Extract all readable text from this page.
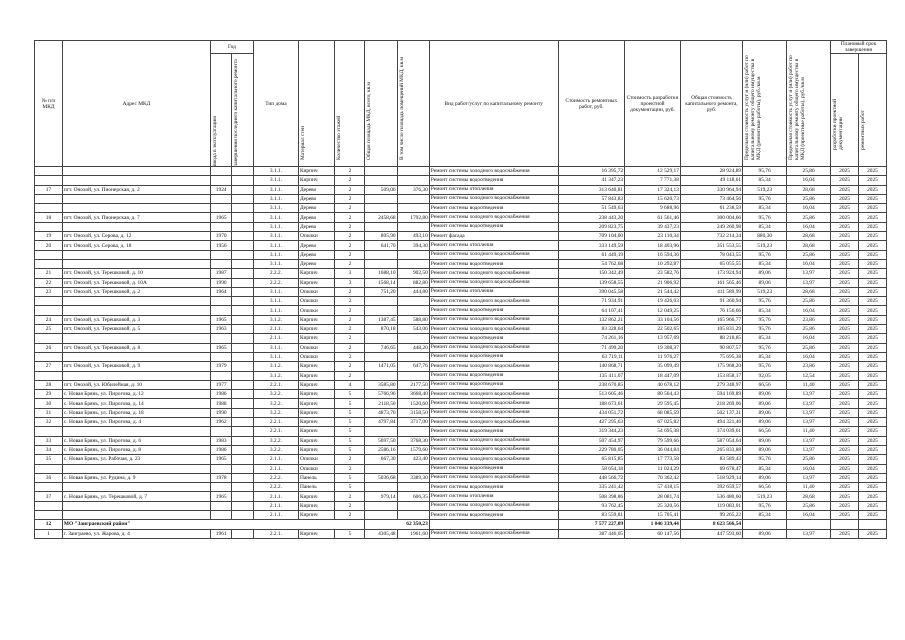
№ п/п МКД	Адрес МКД	Год		Тип дома	Материал стен	Количество этажей	Общая площадь МКД, всего, кв.м	В том числе площадь помещений МКД, кв.м	Вид работ/услуг по капитальному ремонту	Стоимость ремонтных работ, руб.	Стоимость разработки проектной документации, руб.	Общая стоимость капитального ремонта, руб.	Предельная стоимость услуг и (или) работ по капитальному ремонту общего имущества в МКД (ремонтные работы), руб./кв.м	Предельная стоимость услуг и (или) работ по капитальному ремонту общего имущества в МКД (проектные работы), руб./кв.м	Плановый срок завершения	

		ввода в эксплуатацию	завершения последнего капитального ремонта												разработки проектной документации	ремонтных работ

				3.1.1.	Кирпич	2			Ремонт системы холодного водоснабжения	16 395,72	12 529,17	28 924,89	95,76	25,86	2025	2025
				3.1.1.	Кирпич	2			Ремонт системы водоотведения	41 347,23	7 771,38	49 118,61	85,34	16,04	2025	2025
17	пгт. Онохой, ул. Пионерская, д. 2	1924		3.1.1.	Дерево	2	509,06	376,30	Ремонт системы отопления	313 640,81	17 324,13	330 964,94	519,23	28,68	2025	2025
				3.1.1.	Дерево	2			Ремонт системы холодного водоснабжения	57 843,83	15 620,73	73 464,56	95,76	25,86	2025	2025
				3.1.1.	Дерево	2			Ремонт системы водоотведения	51 549,63	9 688,96	61 238,59	85,34	16,04	2025	2025
18	пгт. Онохой, ул. Пионерская, д. 7	1965		3.1.1.	Дерево	2	2458,68	1792,80	Ремонт системы холодного водоснабжения	238 443,20	61 561,46	300 004,66	95,76	25,86	2025	2025
				3.1.1.	Дерево	2			Ремонт системы водоотведения	209 823,75	39 437,23	249 260,98	85,34	16,04	2025	2025
19	пгт. Онохой, ул. Серова, д. 12	1970		3.1.1.	Опилки	2	805,90	493,10	Ремонт фасада	709 104,00	23 110,34	732 214,34	880,30	28,68	2025	2025
20	пгт. Онохой, ул. Серова, д. 18	1956		3.1.1.	Дерево	2	641,70	394,30	Ремонт системы отопления	333 149,59	18 403,96	351 553,55	519,23	28,68	2025	2025
				3.1.1.	Дерево	2			Ремонт системы холодного водоснабжения	61 449,19	16 594,36	78 043,55	95,76	25,86	2025	2025
				3.1.1.	Дерево	2			Ремонт системы водоотведения	54 762,68	10 292,87	65 055,55	85,34	16,04	2025	2025
21	пгт. Онохой, ул. Терешковой, д. 10	1987		2.2.2.	Кирпич	3	1688,10	902,50	Ремонт системы холодного водоснабжения	150 342,49	23 582,76	173 924,94	89,06	13,97	2025	2025
22	пгт. Онохой, ул. Терешковой, д. 10А	1990		2.2.2.	Кирпич	3	1568,14	882,80	Ремонт системы холодного водоснабжения	139 658,55	21 906,92	161 565,46	89,06	13,97	2025	2025
23	пгт. Онохой, ул. Терешковой, д. 2	1964		3.1.1.	Опилки	2	751,20	444,80	Ремонт системы отопления	390 045,58	21 544,42	411 589,99	519,23	28,68	2025	2025
				3.1.1.	Опилки	2			Ремонт системы холодного водоснабжения	71 934,91	19 426,03	91 360,94	95,76	25,86	2025	2025
				3.1.1.	Опилки	2			Ремонт системы водоотведения	64 107,41	12 049,25	76 156,66	85,34	16,04	2025	2025
24	пгт. Онохой, ул. Терешковой, д. 3	1965		3.1.2.	Кирпич	2	1387,45	588,80	Ремонт системы холодного водоснабжения	132 862,21	33 104,56	165 966,77	95,76	23,86	2025	2025
25	пгт. Онохой, ул. Терешковой, д. 5	1963		2.1.1.	Кирпич	2	870,18	543,06	Ремонт системы холодного водоснабжения	83 328,64	22 502,65	105 831,29	95,76	25,86	2025	2025
				2.1.1.	Кирпич	2			Ремонт системы водоотведения	74 261,16	13 957,69	88 218,85	85,34	16,04	2025	2025
26	пгт. Онохой, ул. Терешковой, д. 8	1965		3.1.1.	Опилки	2	746,65	448,20	Ремонт системы холодного водоснабжения	71 499,20	19 308,37	90 807,57	95,76	25,86	2025	2025
				3.1.1.	Опилки	2			Ремонт системы водоотведения	63 719,11	11 976,27	75 695,38	85,34	16,04	2025	2025
27	пгт. Онохой, ул. Терешковой, д. 9	1979		3.1.2.	Кирпич	2	1471,05	647,76	Ремонт системы холодного водоснабжения	140 868,71	35 099,49	175 968,20	95,76	23,86	2025	2025
				3.1.2.	Кирпич	2			Ремонт системы водоотведения	135 411,07	18 447,09	153 858,17	92,05	12,54	2025	2025
28	пгт. Онохой, ул. Юбилейная, д. 10	1977		2.2.1.	Кирпич	4	3585,80	2177,50	Ремонт системы водоотведения	238 670,85	40 678,12	279 348,97	66,56	11,40	2025	2025
29	с. Новая Брянь, ул. Пирогова, д. 12	1986		3.2.2.	Кирпич	5	5766,96	3668,40	Ремонт системы холодного водоснабжения	513 605,46	80 564,43	594 169,89	89,06	13,97	2025	2025
30	с. Новая Брянь, ул. Пирогова, д. 14	1988		3.2.2.	Кирпич	5	2118,50	1520,60	Ремонт системы холодного водоснабжения	188 673,61	29 595,45	218 269,06	89,06	13,97	2025	2025
31	с. Новая Брянь, ул. Пирогова, д. 18	1990		3.2.2.	Кирпич	5	4873,70	3158,50	Ремонт системы холодного водоснабжения	434 051,72	68 085,59	502 137,31	89,06	13,97	2025	2025
32	с. Новая Брянь, ул. Пирогова, д. 4	1962		2.2.1.	Кирпич	5	4797,84	3717,00	Ремонт системы холодного водоснабжения	427 295,63	67 025,82	494 321,46	89,06	13,97	2025	2025
				2.2.1.	Кирпич	5			Ремонт системы водоотведения	319 344,23	54 695,38	374 039,61	66,56	11,40	2025	2025
33	с. Новая Брянь, ул. Пирогова, д. 6	1983		3.2.2.	Кирпич	5	5697,50	3768,30	Ремонт системы холодного водоснабжения	507 454,97	79 599,66	587 054,64	89,06	13,97	2025	2025
34	с. Новая Брянь, ул. Пирогова, д. 8	1986		3.2.2.	Кирпич	5	2586,16	1579,60	Ремонт системы холодного водоснабжения	229 780,05	36 044,84	265 833,88	89,06	13,97	2025	2025
35	с. Новая Брянь, ул. Рабочая, д. 23	1965		2.1.1.	Опилки	2	667,30	423,40	Ремонт системы холодного водоснабжения	65 815,85	17 773,58	83 589,43	95,76	25,86	2025	2025
				2.1.1.	Опилки	2			Ремонт системы водоотведения	58 654,18	11 024,29	69 678,47	85,34	16,04	2025	2025
36	с. Новая Брянь, ул. Рудина, д. 9	1978		2.2.2.	Панель	5	5036,68	3389,30	Ремонт системы холодного водоснабжения	448 566,72	70 362,42	518 929,14	89,06	13,97	2025	2025
				2.2.2.	Панель	5			Ремонт системы водоотведения	335 241,42	57 418,15	392 659,57	66,56	11,40	2025	2025
37	с. Новая Брянь, ул. Терешковой, д. 7	1965		2.1.1.	Кирпич	2	979,14	606,35	Ремонт системы отопления	508 398,86	28 081,74	536 480,60	519,23	28,68	2025	2025
				2.1.1.	Кирпич	2			Ремонт системы холодного водоснабжения	93 762,45	25 320,56	119 083,01	95,76	25,86	2025	2025
				2.1.1.	Кирпич	2			Ремонт системы водоотведения	83 559,81	15 705,41	99 265,22	85,34	16,04	2025	2025
12	МО "Заиграевский район"						62 350,23			7 577 227,09	1 046 339,44	8 623 566,54				
1	г. Заиграево, ул. Жарова, д. 4	1961		2.2.1.	Кирпич	5	4305,48	1961,60	Ремонт системы холодного водоснабжения	387 446,05	60 147,56	447 593,60	89,06	13,97	2025	2025
